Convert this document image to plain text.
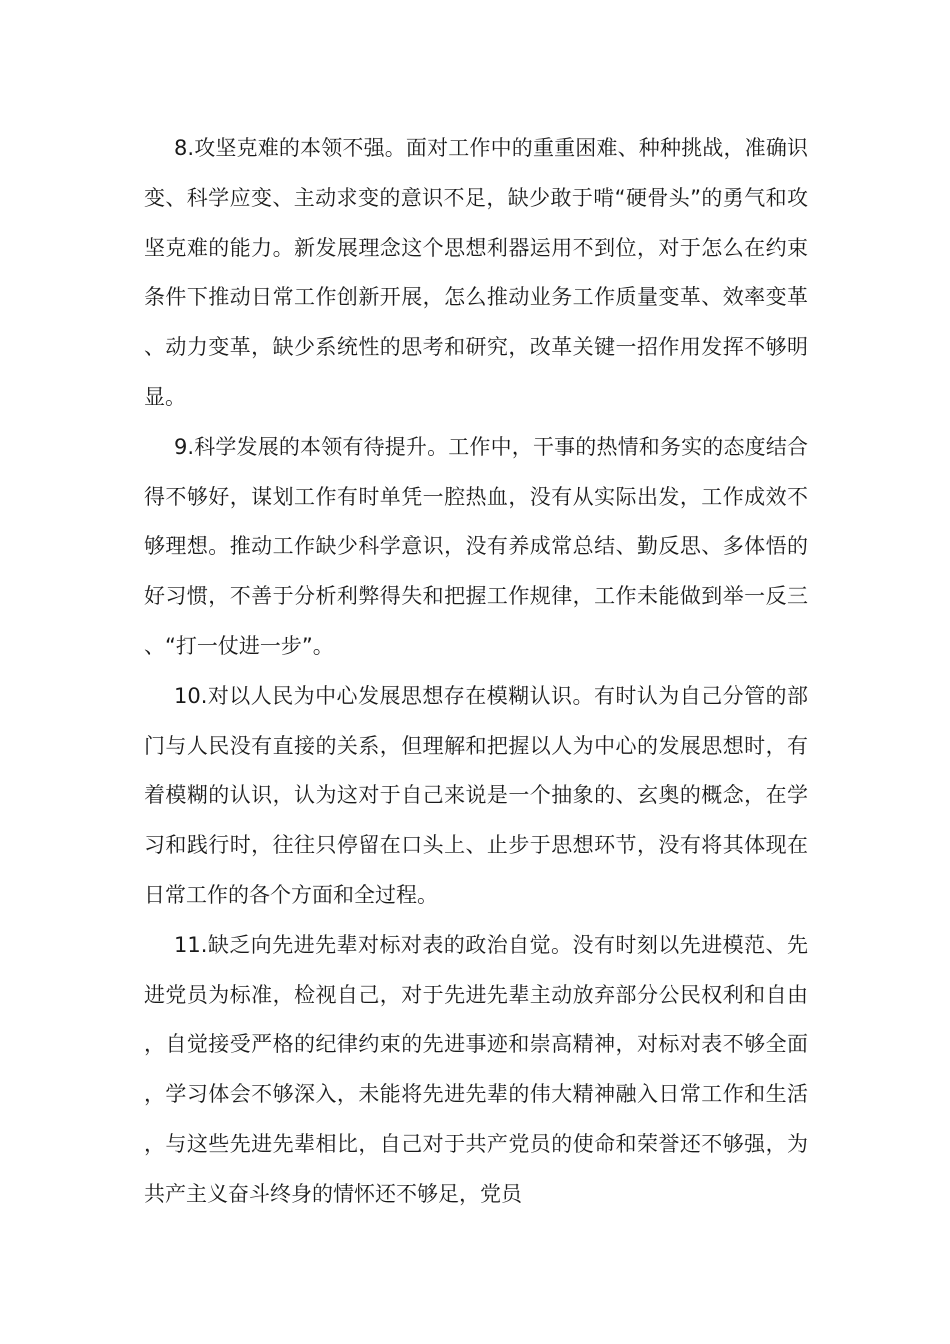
8.攻坚克难的本领不强。面对工作中的重重困难、种种挑战，准确识变、科学应变、主动求变的意识不足，缺少敢于啃“硬骨头”的勇气和攻坚克难的能力。新发展理念这个思想利器运用不到位，对于怎么在约束条件下推动日常工作创新开展，怎么推动业务工作质量变革、效率变革、动力变革，缺少系统性的思考和研究，改革关键一招作用发挥不够明显。

9.科学发展的本领有待提升。工作中，干事的热情和务实的态度结合得不够好，谋划工作有时单凭一腔热血，没有从实际出发，工作成效不够理想。推动工作缺少科学意识，没有养成常总结、勤反思、多体悟的好习惯，不善于分析利弊得失和把握工作规律，工作未能做到举一反三、“打一仗进一步”。

10.对以人民为中心发展思想存在模糊认识。有时认为自己分管的部门与人民没有直接的关系，但理解和把握以人为中心的发展思想时，有着模糊的认识，认为这对于自己来说是一个抽象的、玄奥的概念，在学习和践行时，往往只停留在口头上、止步于思想环节，没有将其体现在日常工作的各个方面和全过程。

11.缺乏向先进先辈对标对表的政治自觉。没有时刻以先进模范、先进党员为标准，检视自己，对于先进先辈主动放弃部分公民权利和自由，自觉接受严格的纪律约束的先进事迹和崇高精神，对标对表不够全面，学习体会不够深入，未能将先进先辈的伟大精神融入日常工作和生活，与这些先进先辈相比，自己对于共产党员的使命和荣誉还不够强，为共产主义奋斗终身的情怀还不够足，党员
